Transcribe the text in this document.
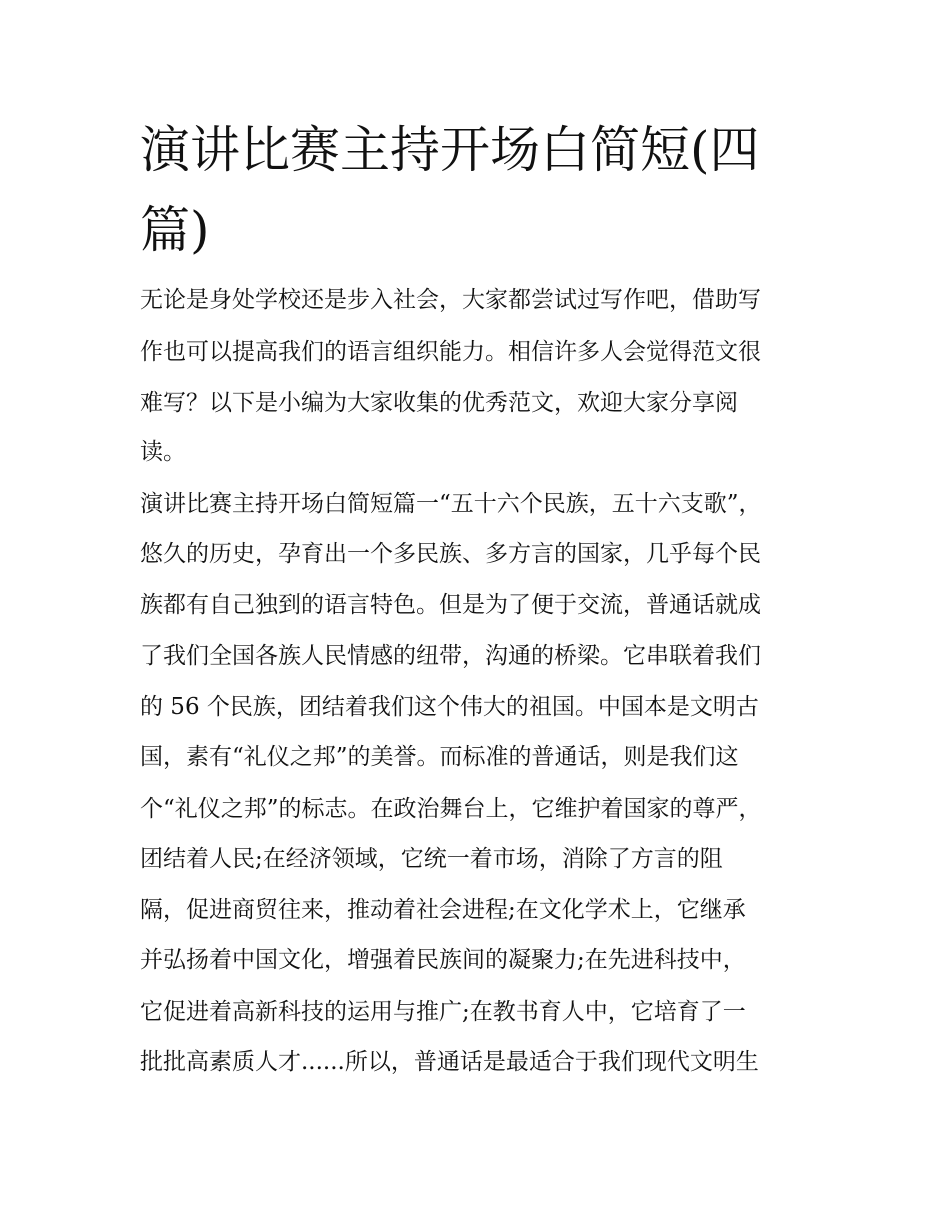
演讲比赛主持开场白简短(四篇)

无论是身处学校还是步入社会，大家都尝试过写作吧，借助写

作也可以提高我们的语言组织能力。相信许多人会觉得范文很

难写？以下是小编为大家收集的优秀范文，欢迎大家分享阅

读。

演讲比赛主持开场白简短篇一“五十六个民族，五十六支歌”，

悠久的历史，孕育出一个多民族、多方言的国家，几乎每个民

族都有自己独到的语言特色。但是为了便于交流，普通话就成

了我们全国各族人民情感的纽带，沟通的桥梁。它串联着我们

的 56 个民族，团结着我们这个伟大的祖国。中国本是文明古

国，素有“礼仪之邦”的美誉。而标准的普通话，则是我们这

个“礼仪之邦”的标志。在政治舞台上，它维护着国家的尊严，

团结着人民;在经济领域，它统一着市场，消除了方言的阻

隔，促进商贸往来，推动着社会进程;在文化学术上，它继承

并弘扬着中国文化，增强着民族间的凝聚力;在先进科技中，

它促进着高新科技的运用与推广;在教书育人中，它培育了一

批批高素质人才......所以，普通话是最适合于我们现代文明生
